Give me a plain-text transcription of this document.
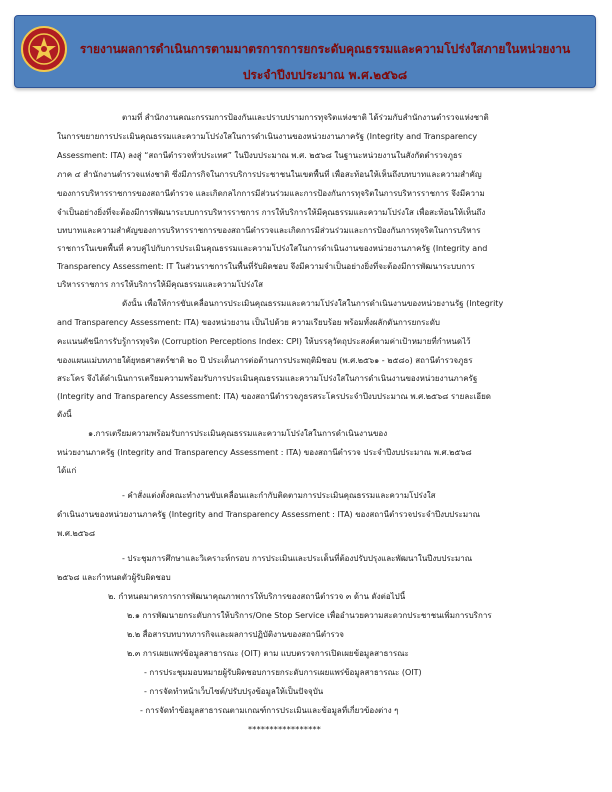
รายงานผลการดำเนินการตามมาตรการการยกระดับคุณธรรมและความโปร่งใสภายในหน่วยงาน
ประจำปีงบประมาณ พ.ศ.๒๕๖๘
ตามที่ สำนักงานคณะกรรมการป้องกันและปราบปรามการทุจริตแห่งชาติ ได้ร่วมกับสำนักงานตำรวจแห่งชาติ
ในการขยายการประเมินคุณธรรมและความโปร่งใสในการดำเนินงานของหน่วยงานภาครัฐ (Integrity and Transparency
Assessment: ITA) ลงสู่ “สถานีตำรวจทั่วประเทศ” ในปีงบประมาณ พ.ศ. ๒๕๖๘ ในฐานะหน่วยงานในสังกัดตำรวจภูธร
ภาค ๔ สำนักงานตำรวจแห่งชาติ ซึ่งมีภารกิจในการบริการประชาชนในเขตพื้นที่ เพื่อสะท้อนให้เห็นถึงบทบาทและความสำคัญ
ของการบริหารราชการของสถานีตำรวจ และเกิดกลไกการมีส่วนร่วมและการป้องกันการทุจริตในการบริหารราชการ จึงมีความ
จำเป็นอย่างยิ่งที่จะต้องมีการพัฒนาระบบการบริหารราชการ การให้บริการให้มีคุณธรรมและความโปร่งใส เพื่อสะท้อนให้เห็นถึง
บทบาทและความสำคัญของการบริหารราชการของสถานีตำรวจและเกิดการมีส่วนร่วมและการป้องกันการทุจริตในการบริหาร
ราชการในเขตพื้นที่ ควบคู่ไปกับการประเมินคุณธรรมและความโปร่งใสในการดำเนินงานของหน่วยงานภาครัฐ (Integrity and
Transparency Assessment: IT ในส่วนราชการในพื้นที่รับผิดชอบ จึงมีความจำเป็นอย่างยิ่งที่จะต้องมีการพัฒนาระบบการ
บริหารราชการ การให้บริการให้มีคุณธรรมและความโปร่งใส
ดังนั้น เพื่อให้การขับเคลื่อนการประเมินคุณธรรมและความโปร่งใสในการดำเนินงานของหน่วยงานรัฐ (Integrity
and Transparency Assessment: ITA) ของหน่วยงาน เป็นไปด้วย ความเรียบร้อย พร้อมทั้งผลักดันการยกระดับ
คะแนนดัชนีการรับรู้การทุจริต (Corruption Perceptions Index: CPI) ให้บรรลุวัตถุประสงค์ตามค่าเป้าหมายที่กำหนดไว้
ของแผนแม่บทภายใต้ยุทธศาสตร์ชาติ ๒๐ ปี ประเด็นการต่อต้านการประพฤติมิชอบ (พ.ศ.๒๕๖๑ - ๒๕๘๐) สถานีตำรวจภูธร
สระโคร จึงได้ดำเนินการเตรียมความพร้อมรับการประเมินคุณธรรมและความโปร่งใสในการดำเนินงานของหน่วยงานภาครัฐ
(Integrity and Transparency Assessment: ITA) ของสถานีตำรวจภูธรสระโครประจำปีงบประมาณ พ.ศ.๒๕๖๘ รายละเอียด
ดังนี้
๑.การเตรียมความพร้อมรับการประเมินคุณธรรมและความโปร่งใสในการดำเนินงานของ
หน่วยงานภาครัฐ (Integrity and Transparency Assessment : ITA) ของสถานีตำรวจ ประจำปีงบประมาณ พ.ศ.๒๕๖๘
ได้แก่
- คำสั่งแต่งตั้งคณะทำงานขับเคลื่อนและกำกับติดตามการประเมินคุณธรรมและความโปร่งใส
ดำเนินงานของหน่วยงานภาครัฐ (Integrity and Transparency Assessment : ITA) ของสถานีตำรวจประจำปีงบประมาณ
พ.ศ.๒๕๖๘
- ประชุมการศึกษาและวิเคราะห์กรอบ การประเมินและประเด็นที่ต้องปรับปรุงและพัฒนาในปีงบประมาณ
๒๕๖๘ และกำหนดตัวผู้รับผิดชอบ
๒. กำหนดมาตรการการพัฒนาคุณภาพการให้บริการของสถานีตำรวจ ๓ ด้าน ดังต่อไปนี้
๒.๑ การพัฒนายกระดับการให้บริการ/One Stop Service เพื่ออำนวยความสะดวกประชาชนเพิ่มการบริการ
๒.๒ สื่อสารบทบาทภารกิจและผลการปฏิบัติงานของสถานีตำรวจ
๒.๓ การเผยแพร่ข้อมูลสาธารณะ (OIT) ตาม แบบตรวจการเปิดเผยข้อมูลสาธารณะ
- การประชุมมอบหมายผู้รับผิดชอบการยกระดับการเผยแพร่ข้อมูลสาธารณะ (OIT)
- การจัดทำหน้าเว็บไซต์/ปรับปรุงข้อมูลให้เป็นปัจจุบัน
- การจัดทำข้อมูลสาธารณตามเกณฑ์การประเมินและข้อมูลที่เกี่ยวข้องต่าง ๆ
*****************
